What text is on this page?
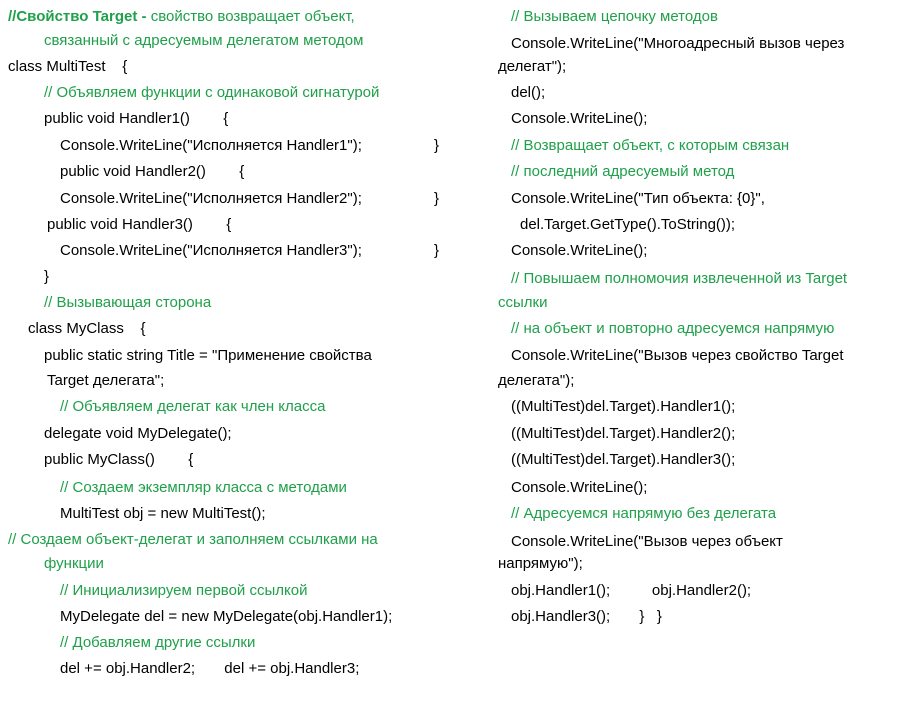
//Свойство Target - свойство возвращает объект,
связанный с адресуемым делегатом методом
class MultiTest    {
// Объявляем функции с одинаковой сигнатурой
public void Handler1()        {
Console.WriteLine("Исполняется Handler1");	}
public void Handler2()        {
Console.WriteLine("Исполняется Handler2");	}
public void Handler3()        {
Console.WriteLine("Исполняется Handler3");	}
}
// Вызывающая сторона
class MyClass    {
public static string Title = "Применение свойства
Target делегата";
// Объявляем делегат как член класса
delegate void MyDelegate();
public MyClass()        {
// Создаем экземпляр класса с методами
MultiTest obj = new MultiTest();
// Создаем объект-делегат и заполняем ссылками на
функции
// Инициализируем первой ссылкой
MyDelegate del = new MyDelegate(obj.Handler1);
// Добавляем другие ссылки
del += obj.Handler2;       del += obj.Handler3;
// Вызываем цепочку методов
Console.WriteLine("Многоадресный вызов через
делегат");
del();
Console.WriteLine();
// Возвращает объект, с которым связан
// последний адресуемый метод
Console.WriteLine("Тип объекта: {0}",
del.Target.GetType().ToString());
Console.WriteLine();
// Повышаем полномочия извлеченной из Target
ссылки
// на объект и повторно адресуемся напрямую
Console.WriteLine("Вызов через свойство Target
делегата");
((MultiTest)del.Target).Handler1();
((MultiTest)del.Target).Handler2();
((MultiTest)del.Target).Handler3();
Console.WriteLine();
// Адресуемся напрямую без делегата
Console.WriteLine("Вызов через объект
напрямую");
obj.Handler1();          obj.Handler2();
obj.Handler3();       }   }
